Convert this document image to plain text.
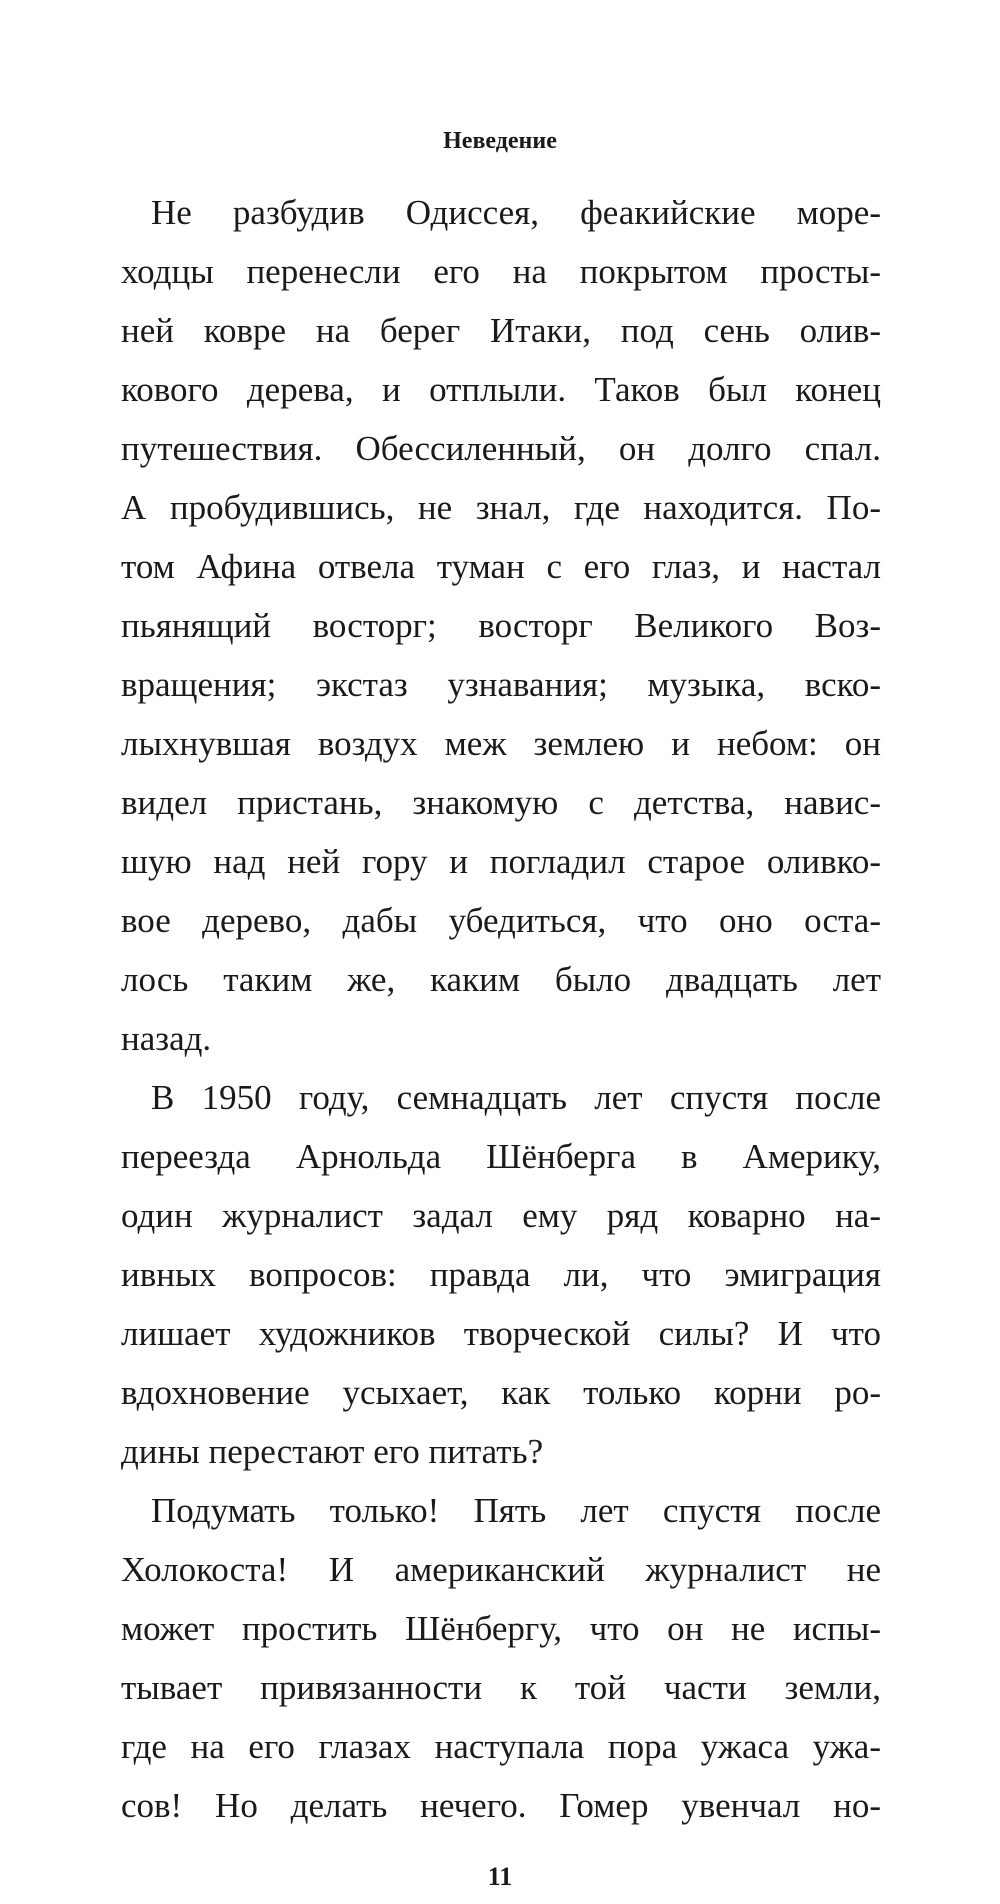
Неведение
Не разбудив Одиссея, феакийские море-
ходцы перенесли его на покрытом просты-
ней ковре на берег Итаки, под сень олив-
кового дерева, и отплыли. Таков был конец
путешествия. Обессиленный, он долго спал.
А пробудившись, не знал, где находится. По-
том Афина отвела туман с его глаз, и настал
пьянящий восторг; восторг Великого Воз-
вращения; экстаз узнавания; музыка, вско-
лыхнувшая воздух меж землею и небом: он
видел пристань, знакомую с детства, навис-
шую над ней гору и погладил старое оливко-
вое дерево, дабы убедиться, что оно оста-
лось таким же, каким было двадцать лет
назад.
В 1950 году, семнадцать лет спустя после
переезда Арнольда Шёнберга в Америку,
один журналист задал ему ряд коварно на-
ивных вопросов: правда ли, что эмиграция
лишает художников творческой силы? И что
вдохновение усыхает, как только корни ро-
дины перестают его питать?
Подумать только! Пять лет спустя после
Холокоста! И американский журналист не
может простить Шёнбергу, что он не испы-
тывает привязанности к той части земли,
где на его глазах наступала пора ужаса ужа-
сов! Но делать нечего. Гомер увенчал но-
11
